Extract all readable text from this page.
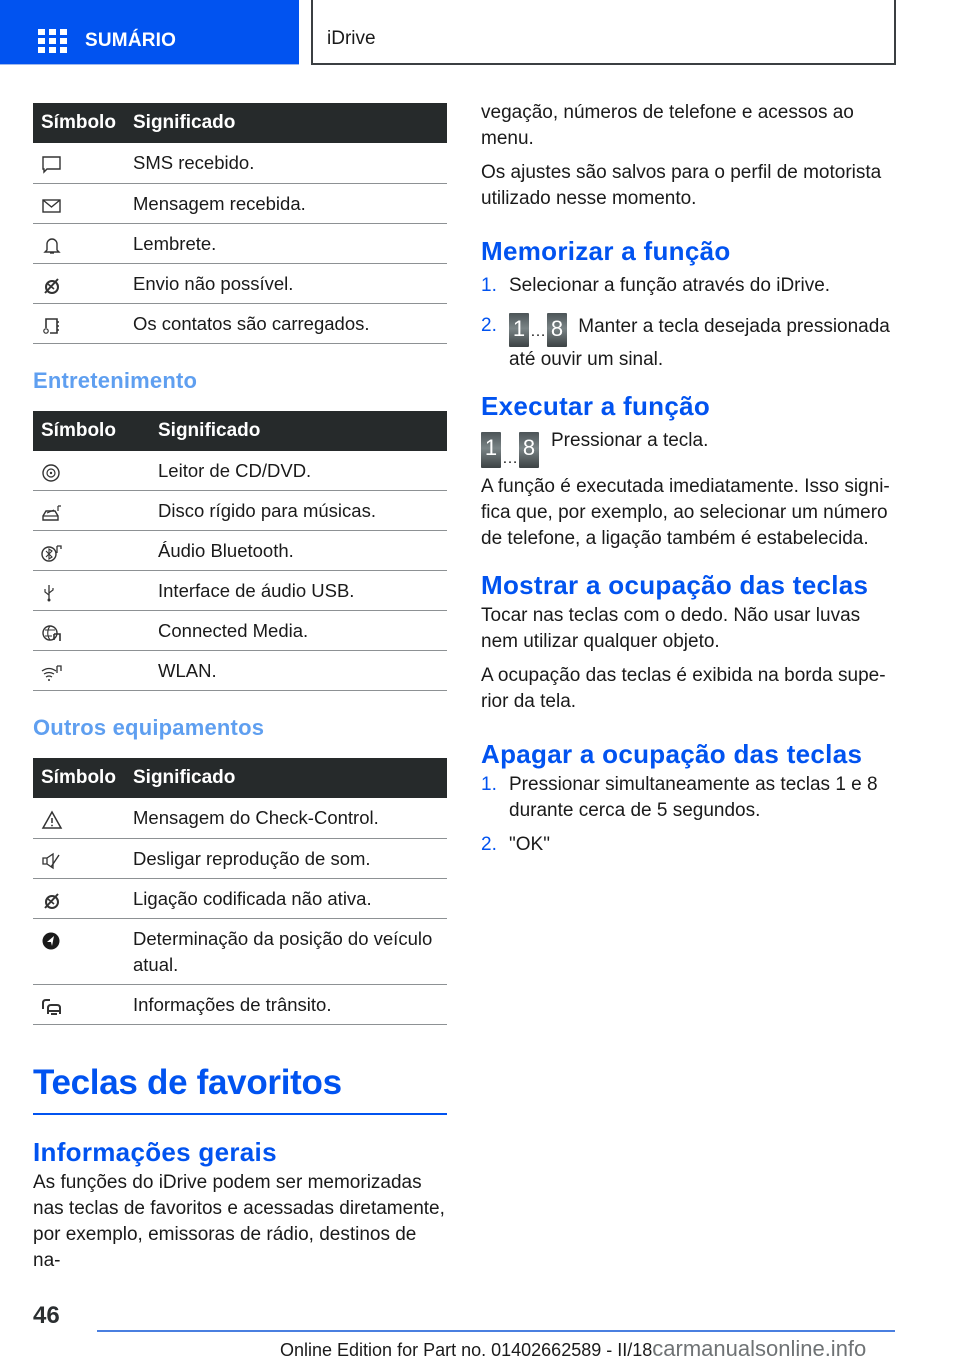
SUMÁRIO	iDrive
Símbolo	Significado

	SMS recebido.

	Mensagem recebida.

	Lembrete.

	Envio não possível.

	Os contatos são carregados.
Entretenimento
Símbolo	Significado

	Leitor de CD/DVD.

	Disco rígido para músicas.

	Áudio Bluetooth.

	Interface de áudio USB.

	Connected Media.

	WLAN.
Outros equipamentos
Símbolo	Significado

	Mensagem do Check-Control.

	Desligar reprodução de som.

	Ligação codificada não ativa.

	Determinação da posição do veículo atual.

	Informações de trânsito.
Teclas de favoritos
Informações gerais

As funções do iDrive podem ser memorizadas nas teclas de favoritos e acessadas diretamente, por exemplo, emissoras de rádio, destinos de na-

vegação, números de telefone e acessos ao menu.

Os ajustes são salvos para o perfil de motorista utilizado nesse momento.

Memorizar a função
1. Selecionar a função através do iDrive.
2. 1 … 8 Manter a tecla desejada pressionada até ouvir um sinal.
Executar a função
1 … 8 Pressionar a tecla.

A função é executada imediatamente. Isso significa que, por exemplo, ao selecionar um número de telefone, a ligação também é estabelecida.

Mostrar a ocupação das teclas

Tocar nas teclas com o dedo. Não usar luvas nem utilizar qualquer objeto.

A ocupação das teclas é exibida na borda superior da tela.

Apagar a ocupação das teclas
1. Pressionar simultaneamente as teclas 1 e 8 durante cerca de 5 segundos.
2. "OK"
46
Online Edition for Part no. 01402662589 - II/18carmanualsonline.info
